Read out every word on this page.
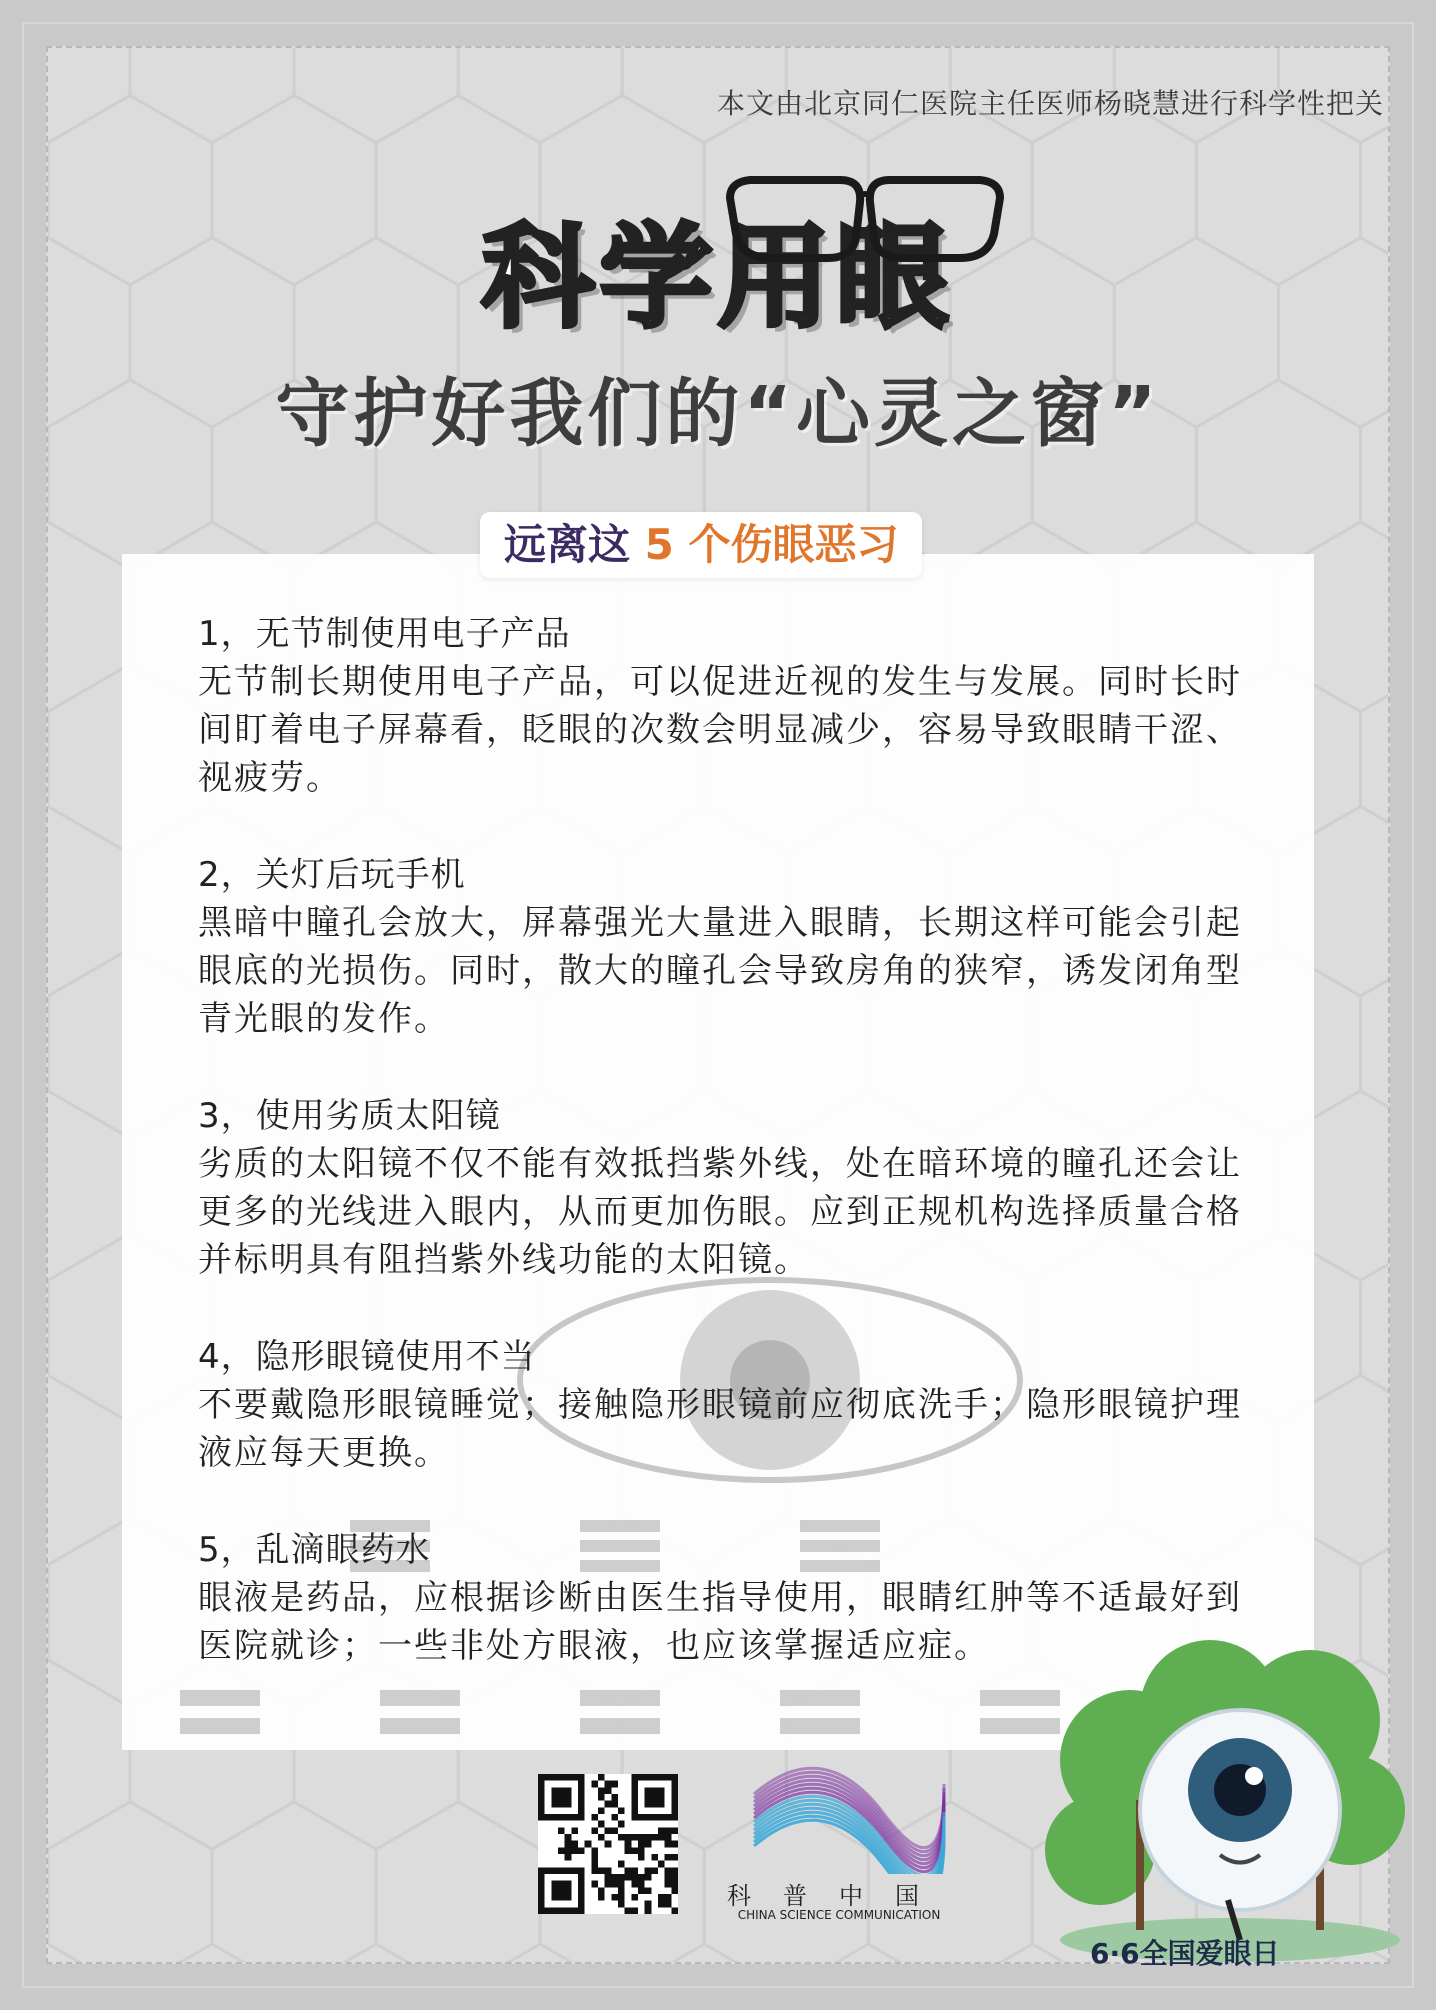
本文由北京同仁医院主任医师杨晓慧进行科学性把关
科学用眼
守护好我们的“心灵之窗”
远离这 5 个伤眼恶习
1，无节制使用电子产品
无节制长期使用电子产品，可以促进近视的发生与发展。同时长时间盯着电子屏幕看，眨眼的次数会明显减少，容易导致眼睛干涩、视疲劳。
2，关灯后玩手机
黑暗中瞳孔会放大，屏幕强光大量进入眼睛，长期这样可能会引起眼底的光损伤。同时，散大的瞳孔会导致房角的狭窄，诱发闭角型青光眼的发作。
3，使用劣质太阳镜
劣质的太阳镜不仅不能有效抵挡紫外线，处在暗环境的瞳孔还会让更多的光线进入眼内，从而更加伤眼。应到正规机构选择质量合格并标明具有阻挡紫外线功能的太阳镜。
4，隐形眼镜使用不当
不要戴隐形眼镜睡觉；接触隐形眼镜前应彻底洗手；隐形眼镜护理液应每天更换。
5，乱滴眼药水
眼液是药品，应根据诊断由医生指导使用，眼睛红肿等不适最好到医院就诊；一些非处方眼液，也应该掌握适应症。
科普中国
CHINA SCIENCE COMMUNICATION
6·6全国爱眼日
